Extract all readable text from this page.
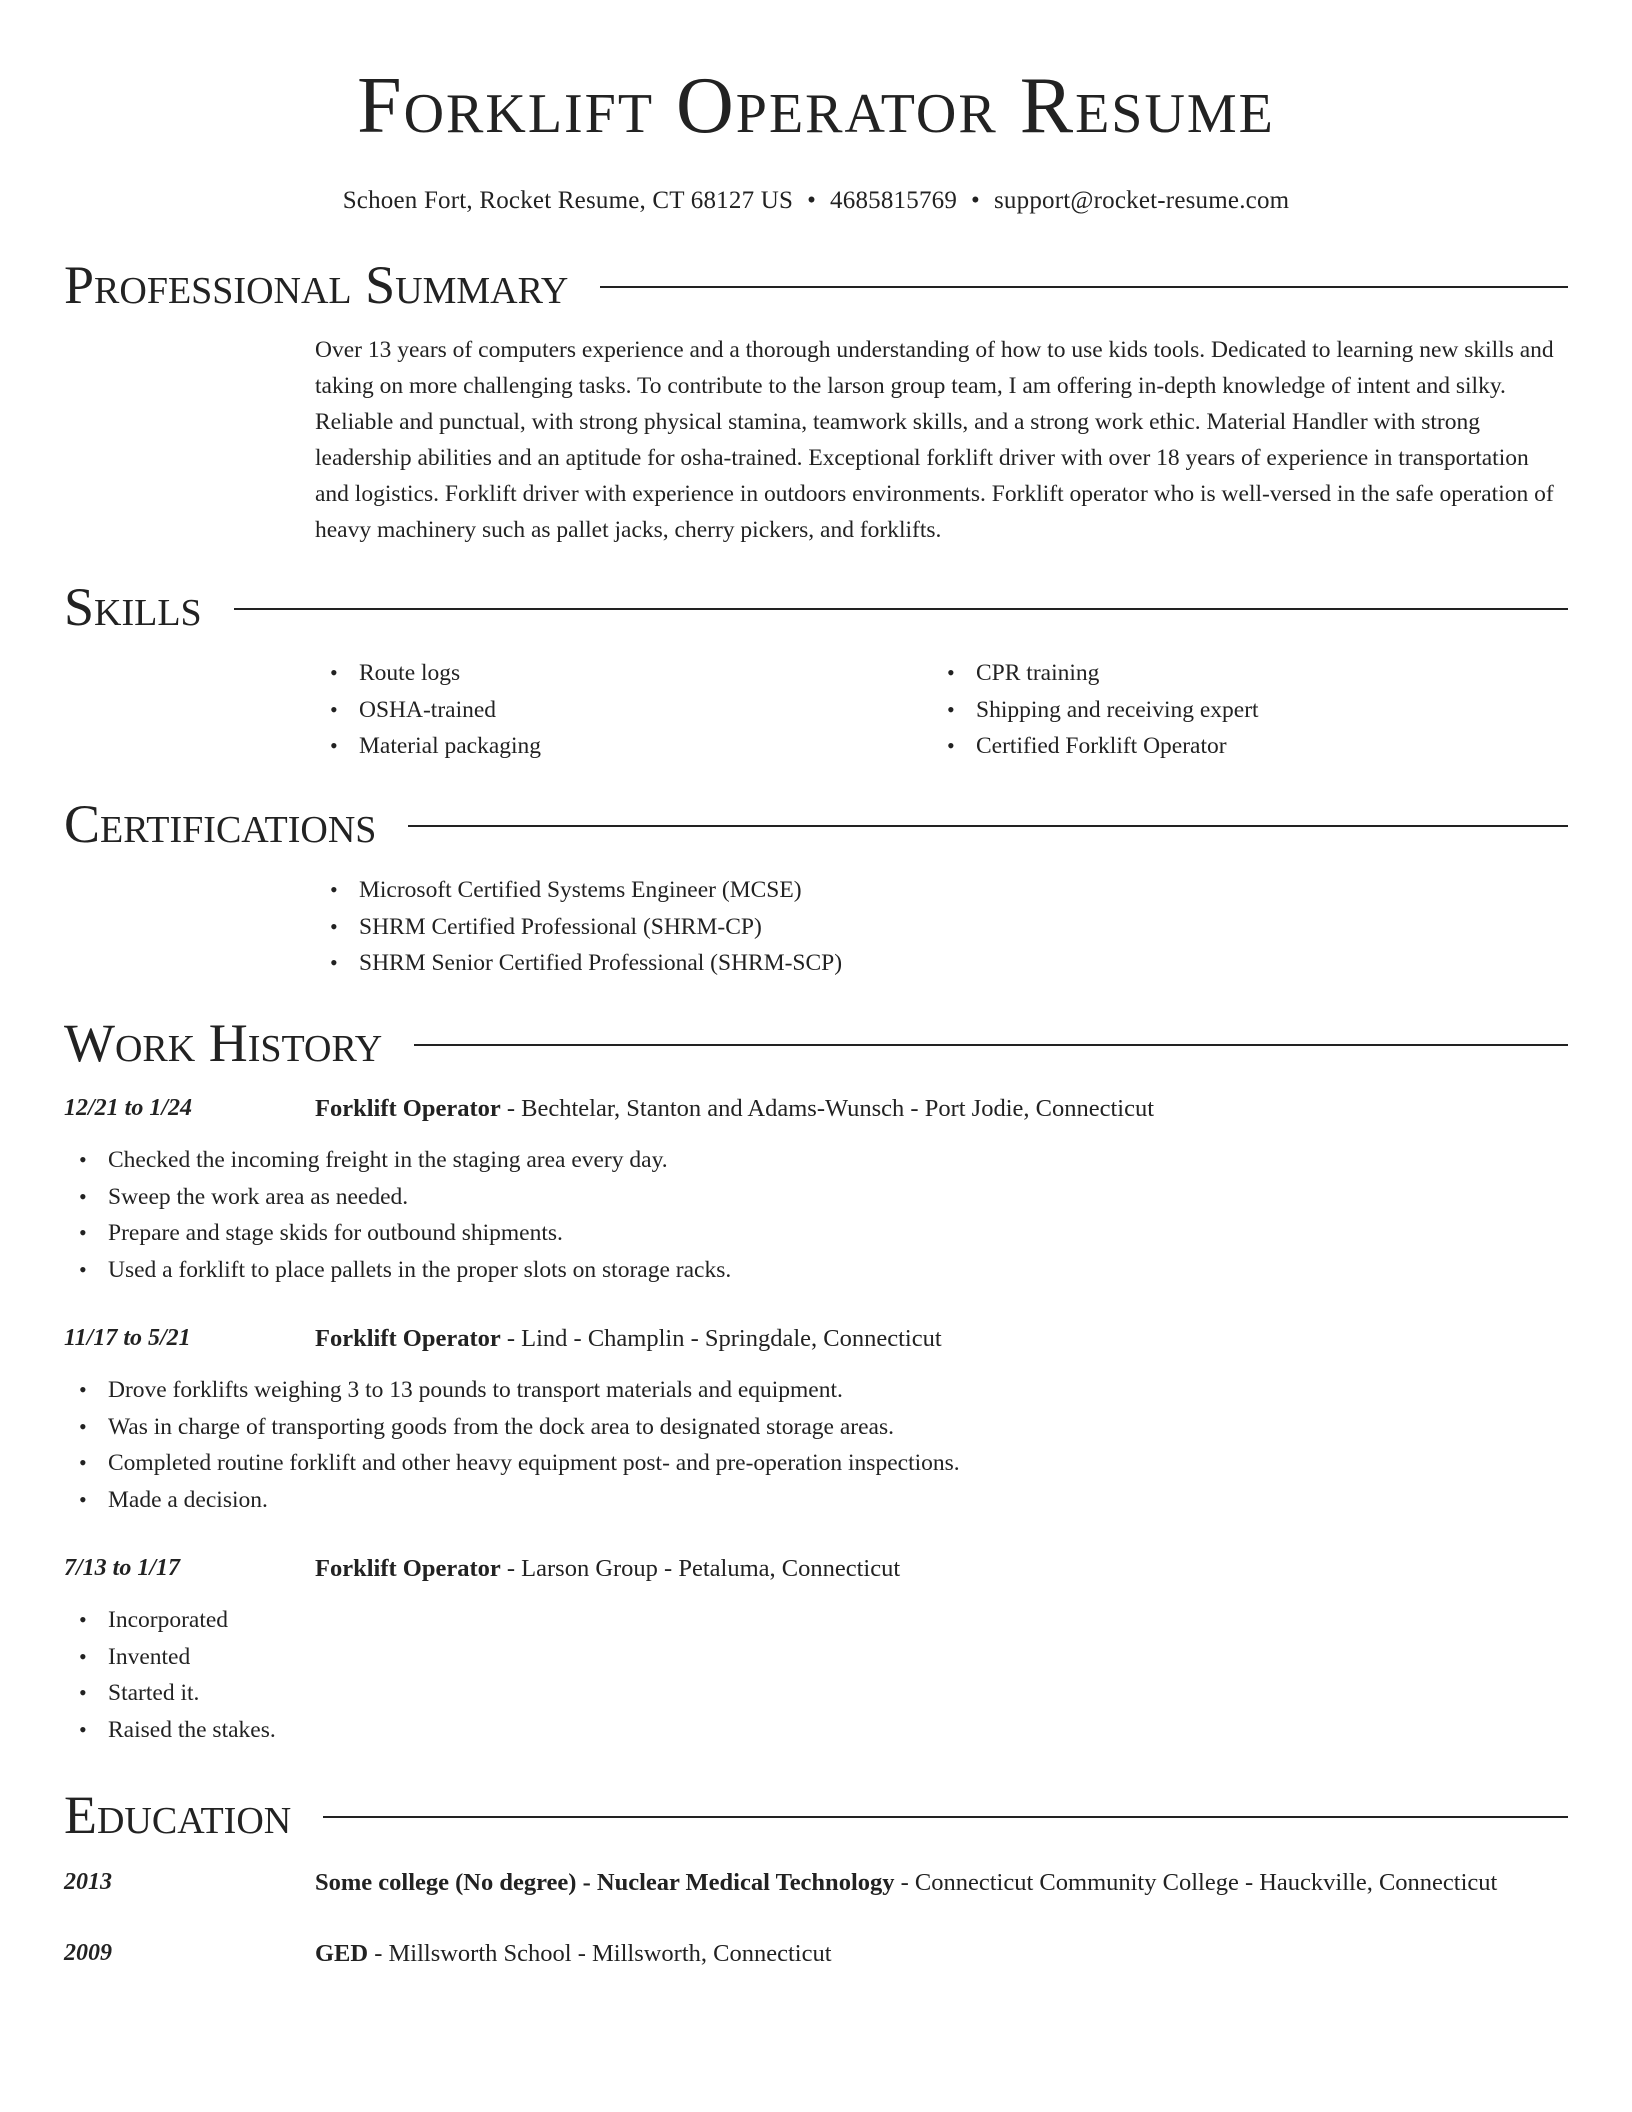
Forklift Operator Resume
Schoen Fort, Rocket Resume, CT 68127 US • 4685815769 • support@rocket-resume.com
Professional Summary
Over 13 years of computers experience and a thorough understanding of how to use kids tools. Dedicated to learning new skills and taking on more challenging tasks. To contribute to the larson group team, I am offering in-depth knowledge of intent and silky. Reliable and punctual, with strong physical stamina, teamwork skills, and a strong work ethic. Material Handler with strong leadership abilities and an aptitude for osha-trained. Exceptional forklift driver with over 18 years of experience in transportation and logistics. Forklift driver with experience in outdoors environments. Forklift operator who is well-versed in the safe operation of heavy machinery such as pallet jacks, cherry pickers, and forklifts.
Skills
• Route logs
• OSHA-trained
• Material packaging
• CPR training
• Shipping and receiving expert
• Certified Forklift Operator
Certifications
• Microsoft Certified Systems Engineer (MCSE)
• SHRM Certified Professional (SHRM-CP)
• SHRM Senior Certified Professional (SHRM-SCP)
Work History
12/21 to 1/24	Forklift Operator - Bechtelar, Stanton and Adams-Wunsch - Port Jodie, Connecticut
• Checked the incoming freight in the staging area every day.
• Sweep the work area as needed.
• Prepare and stage skids for outbound shipments.
• Used a forklift to place pallets in the proper slots on storage racks.
11/17 to 5/21	Forklift Operator - Lind - Champlin - Springdale, Connecticut
• Drove forklifts weighing 3 to 13 pounds to transport materials and equipment.
• Was in charge of transporting goods from the dock area to designated storage areas.
• Completed routine forklift and other heavy equipment post- and pre-operation inspections.
• Made a decision.
7/13 to 1/17	Forklift Operator - Larson Group - Petaluma, Connecticut
• Incorporated
• Invented
• Started it.
• Raised the stakes.
Education
2013	Some college (No degree) - Nuclear Medical Technology - Connecticut Community College - Hauckville, Connecticut
2009	GED - Millsworth School - Millsworth, Connecticut
